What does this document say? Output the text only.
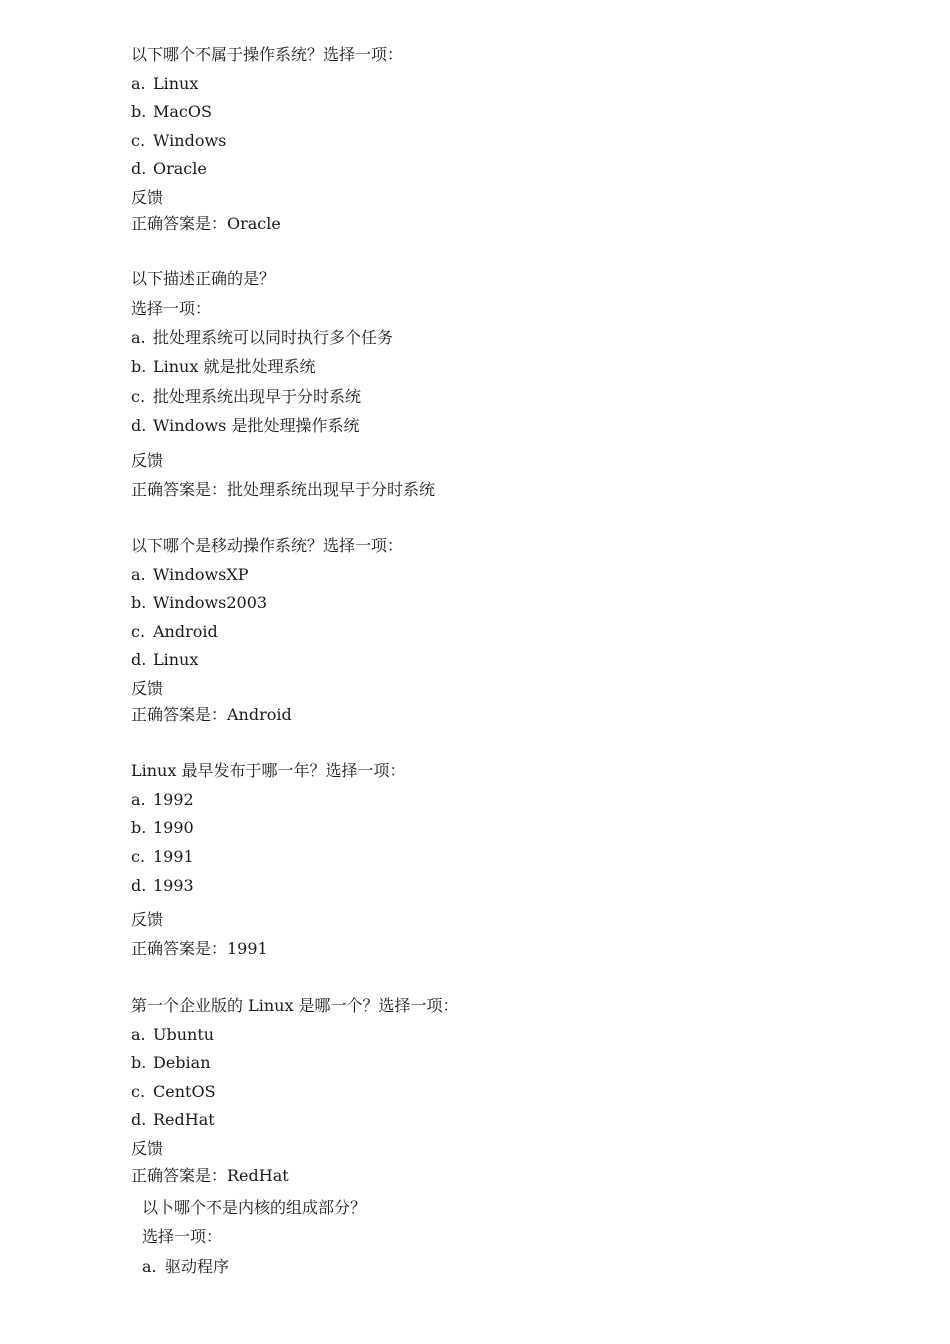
以下哪个不属于操作系统？选择一项：
a. Linux
b. MacOS
c. Windows
d. Oracle
反馈
正确答案是：Oracle
以下描述正确的是？
选择一项：
a. 批处理系统可以同时执行多个任务
b. Linux 就是批处理系统
c. 批处理系统出现早于分时系统
d. Windows 是批处理操作系统
反馈
正确答案是：批处理系统出现早于分时系统
以下哪个是移动操作系统？选择一项：
a. WindowsXP
b. Windows2003
c. Android
d. Linux
反馈
正确答案是：Android
Linux 最早发布于哪一年？选择一项：
a. 1992
b. 1990
c. 1991
d. 1993
反馈
正确答案是：1991
第一个企业版的 Linux 是哪一个？选择一项：
a. Ubuntu
b. Debian
c. CentOS
d. RedHat
反馈
正确答案是：RedHat
以卜哪个不是内核的组成部分？
选择一项：
a. 驱动程序
